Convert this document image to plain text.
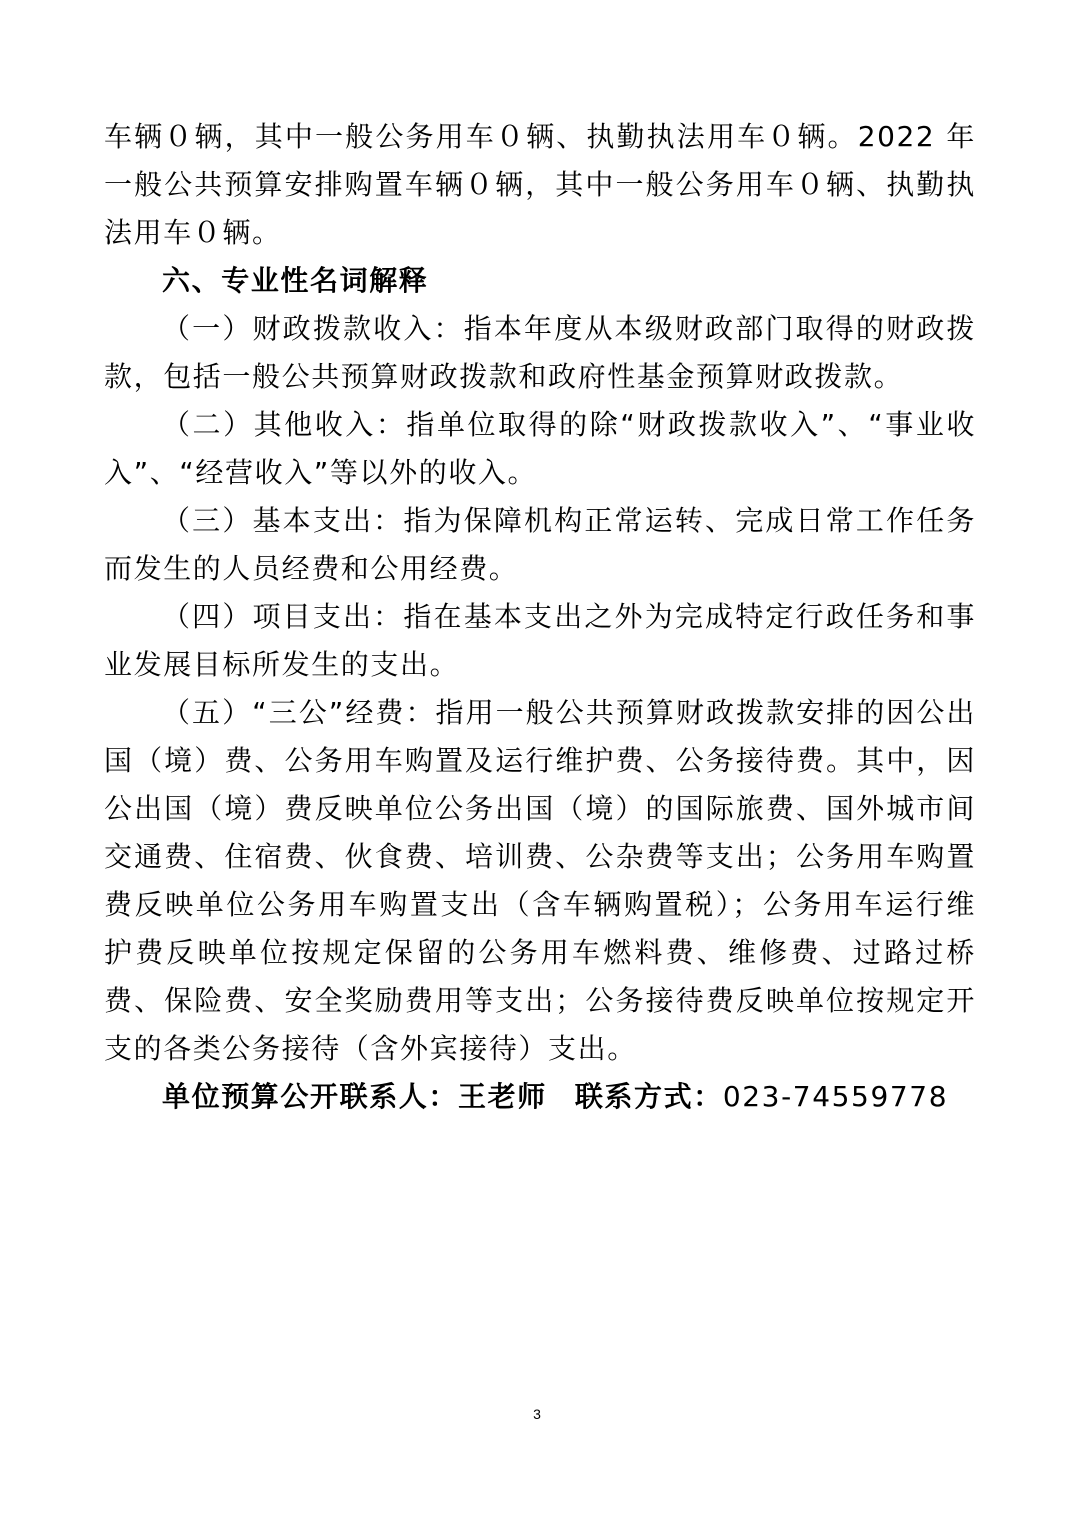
车辆０辆，其中一般公务用车０辆、执勤执法用车０辆。2022 年一般公共预算安排购置车辆０辆，其中一般公务用车０辆、执勤执法用车０辆。

六、专业性名词解释

（一）财政拨款收入：指本年度从本级财政部门取得的财政拨款，包括一般公共预算财政拨款和政府性基金预算财政拨款。

（二）其他收入：指单位取得的除“财政拨款收入”、“事业收入”、“经营收入”等以外的收入。

（三）基本支出：指为保障机构正常运转、完成日常工作任务而发生的人员经费和公用经费。

（四）项目支出：指在基本支出之外为完成特定行政任务和事业发展目标所发生的支出。

（五）“三公”经费：指用一般公共预算财政拨款安排的因公出国（境）费、公务用车购置及运行维护费、公务接待费。其中，因公出国（境）费反映单位公务出国（境）的国际旅费、国外城市间交通费、住宿费、伙食费、培训费、公杂费等支出；公务用车购置费反映单位公务用车购置支出（含车辆购置税）；公务用车运行维护费反映单位按规定保留的公务用车燃料费、维修费、过路过桥费、保险费、安全奖励费用等支出；公务接待费反映单位按规定开支的各类公务接待（含外宾接待）支出。

单位预算公开联系人：王老师 联系方式：023-74559778

3
